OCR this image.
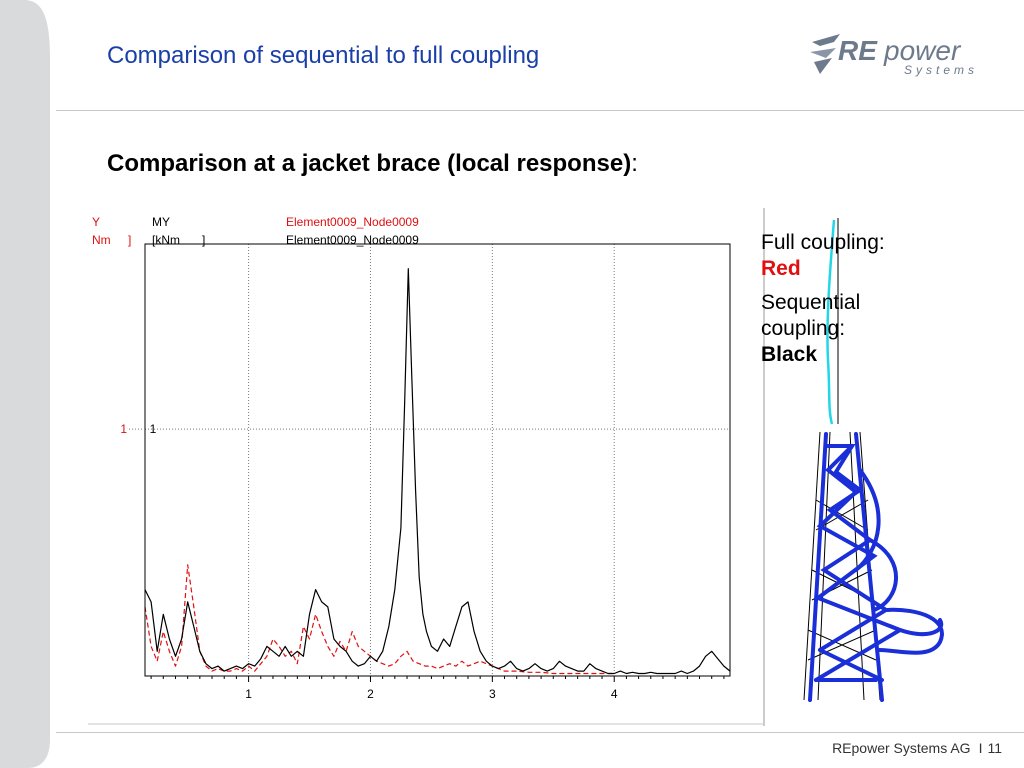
Comparison of sequential to full coupling	RE power
Systems
Comparison at a jacket brace (local response):
Y	MY	Element0009_Node0009
Nm ] [kNm ]	Element0009_Node0009
1	2	3	4
1 1

Full coupling:
Red

Sequential
coupling:
Black

REpower Systems AG I 11
